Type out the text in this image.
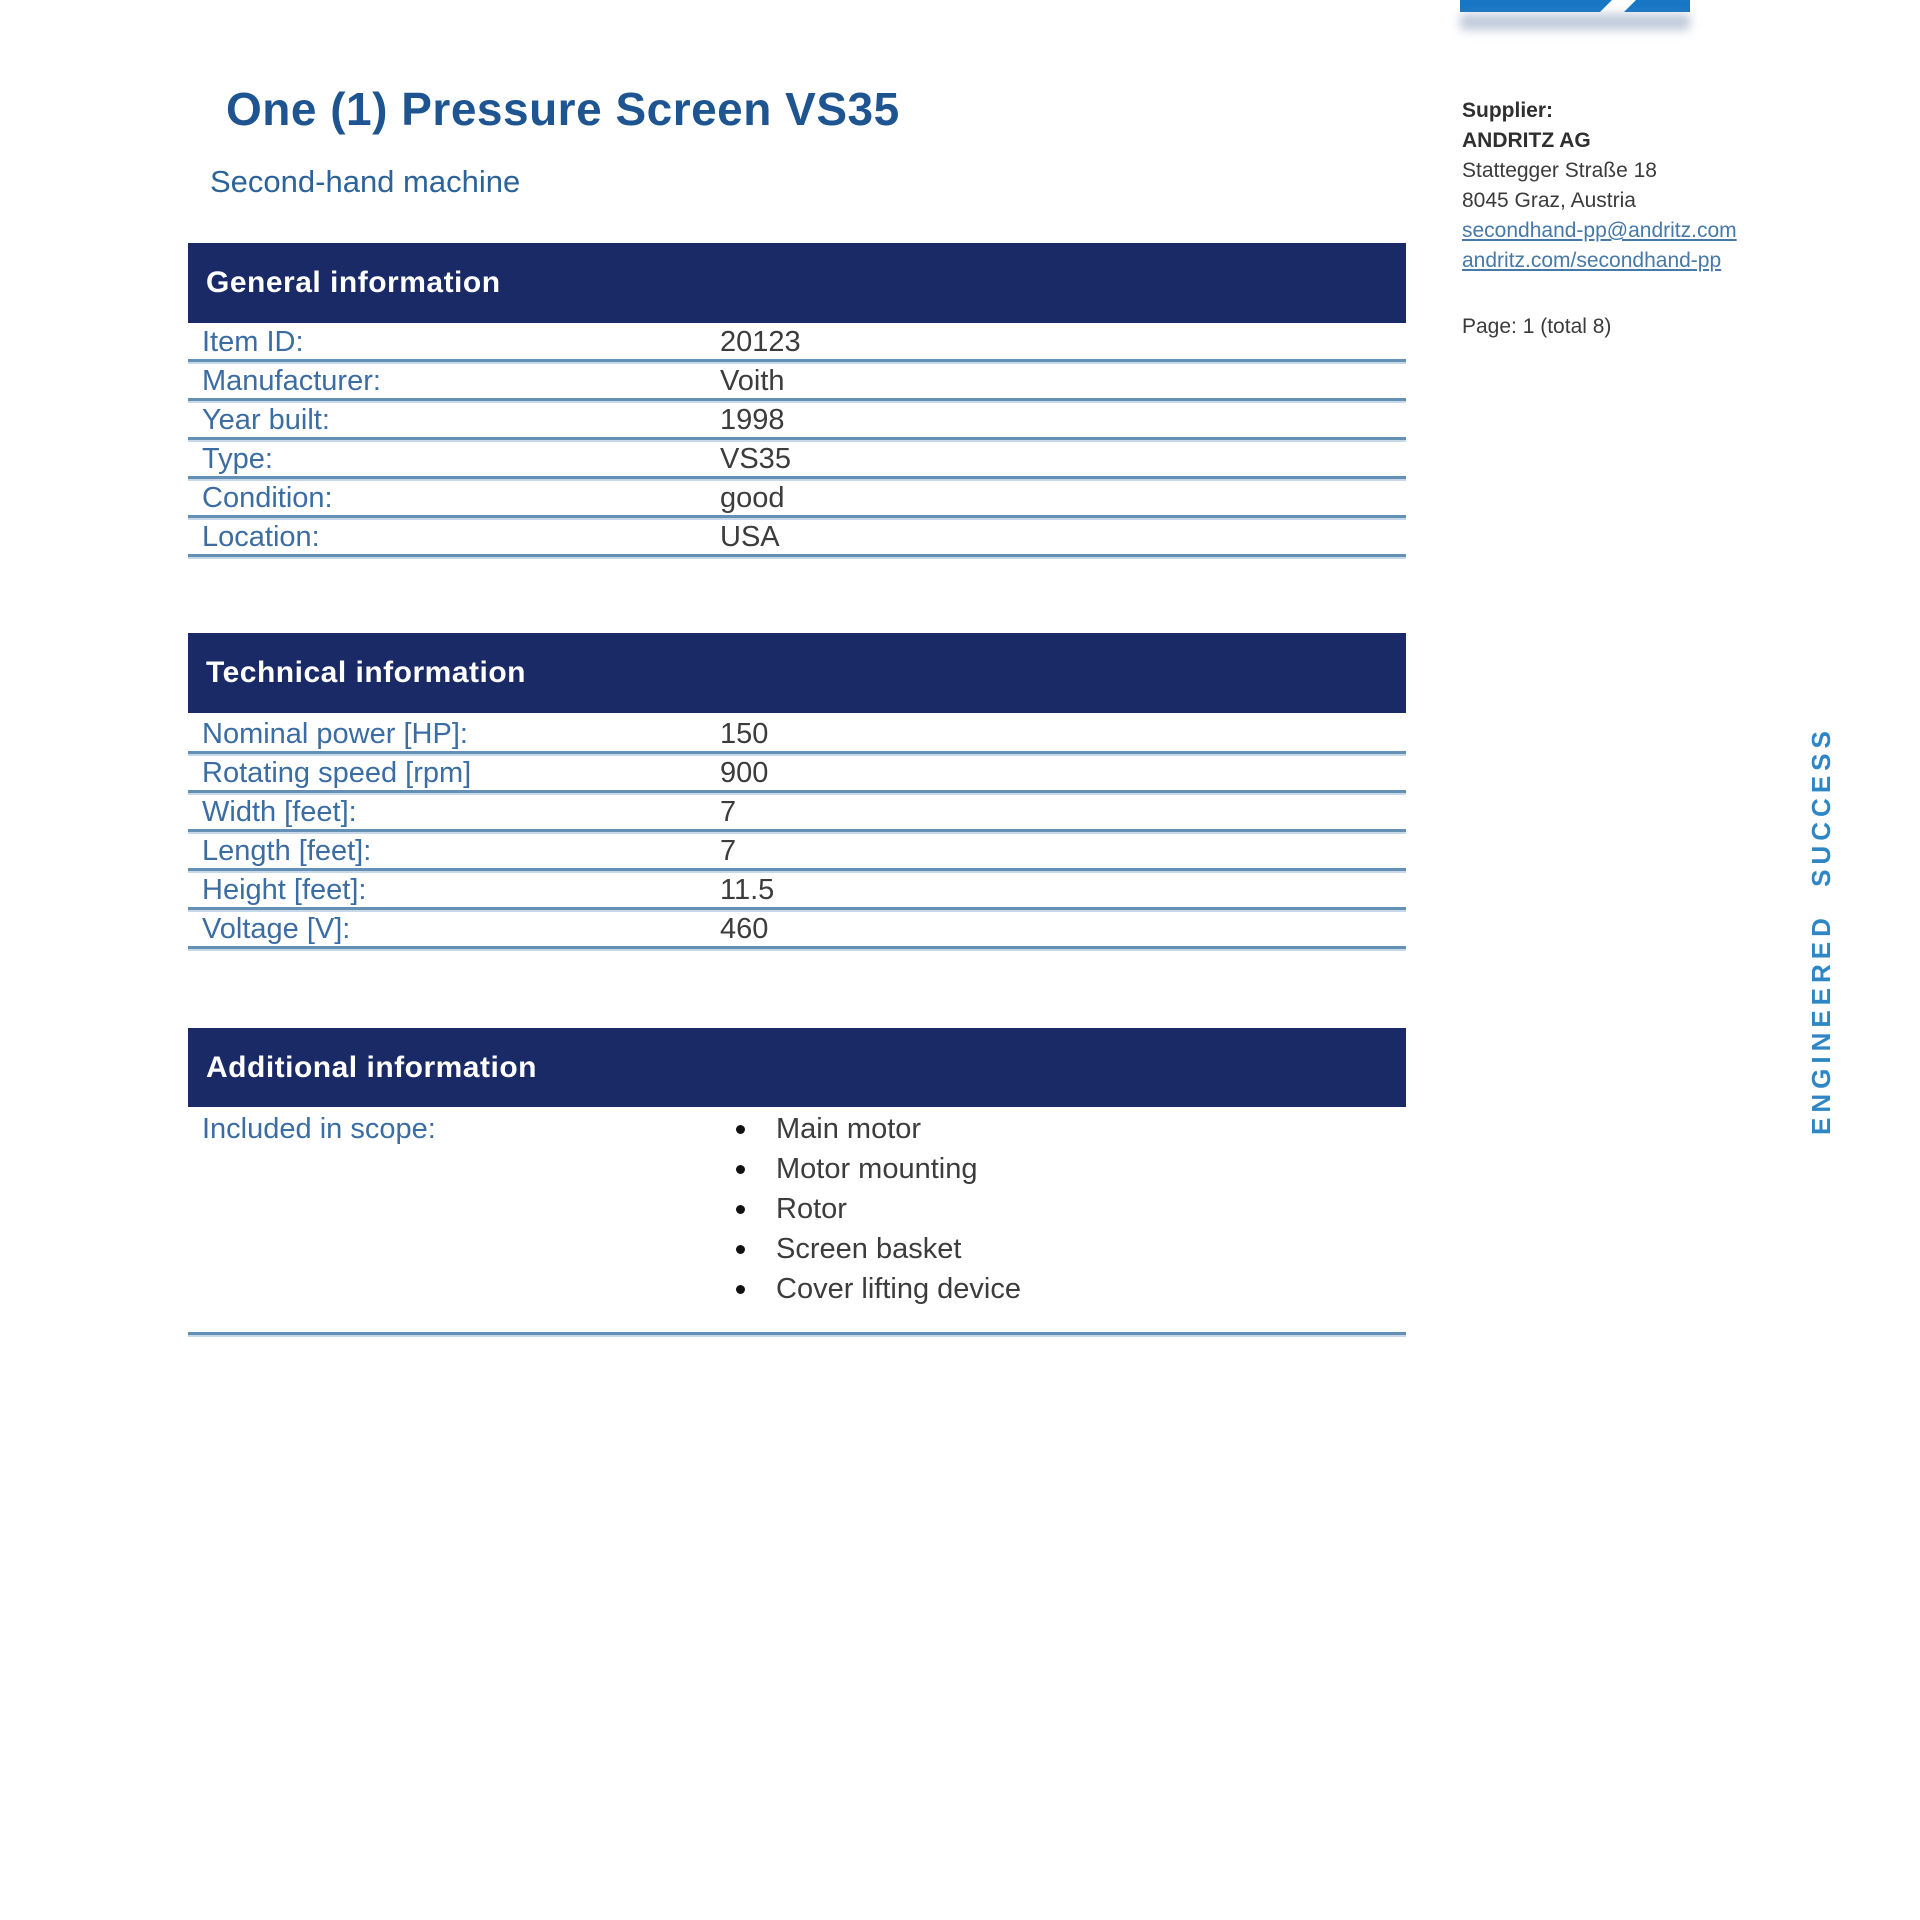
One (1) Pressure Screen VS35
Second-hand machine
General information
Item ID:	20123
Manufacturer:	Voith
Year built:	1998
Type:	VS35
Condition:	good
Location:	USA
Technical information
Nominal power [HP]:	150
Rotating speed [rpm]	900
Width [feet]:	7
Length [feet]:	7
Height [feet]:	11.5
Voltage [V]:	460
Additional information
Included in scope:	Main motor
Motor mounting
Rotor
Screen basket
Cover lifting device
Supplier:
ANDRITZ AG
Stattegger Straße 18
8045 Graz, Austria
secondhand-pp@andritz.com
andritz.com/secondhand-pp
Page: 1 (total 8)
ENGINEERED SUCCESS
